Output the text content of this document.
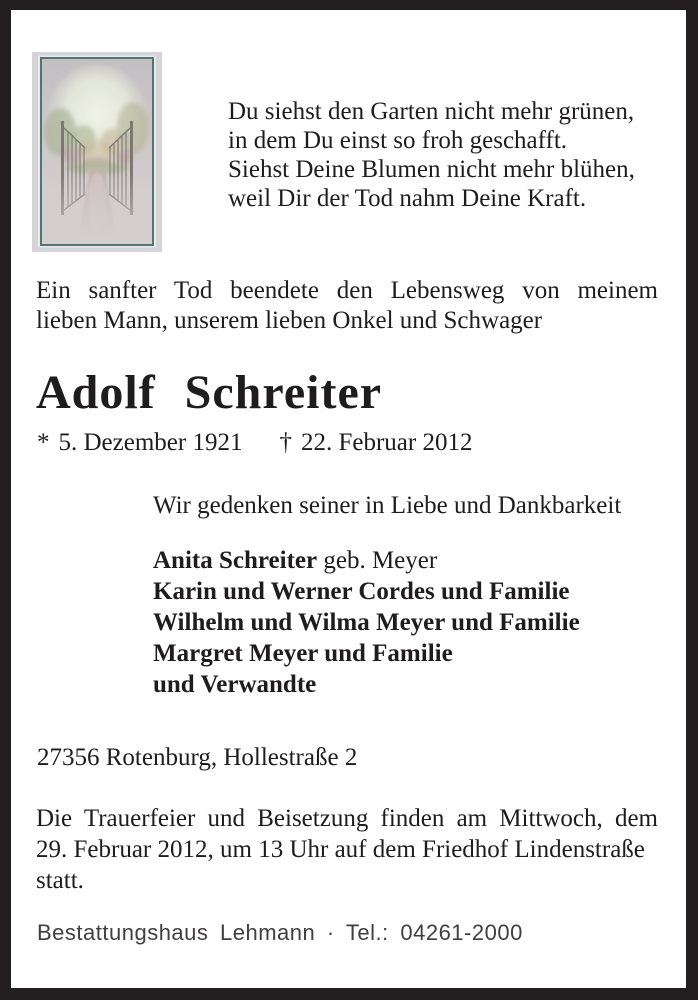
Du siehst den Garten nicht mehr grünen,
in dem Du einst so froh geschafft.
Siehst Deine Blumen nicht mehr blühen,
weil Dir der Tod nahm Deine Kraft.
Ein sanfter Tod beendete den Lebensweg von meinem
lieben Mann, unserem lieben Onkel und Schwager
Adolf Schreiter
* 5. Dezember 1921 † 22. Februar 2012
Wir gedenken seiner in Liebe und Dankbarkeit
Anita Schreiter geb. Meyer
Karin und Werner Cordes und Familie
Wilhelm und Wilma Meyer und Familie
Margret Meyer und Familie
und Verwandte
27356 Rotenburg, Hollestraße 2
Die Trauerfeier und Beisetzung finden am Mittwoch, dem
29. Februar 2012, um 13 Uhr auf dem Friedhof Lindenstraße
statt.
Bestattungshaus Lehmann · Tel.: 04261-2000
